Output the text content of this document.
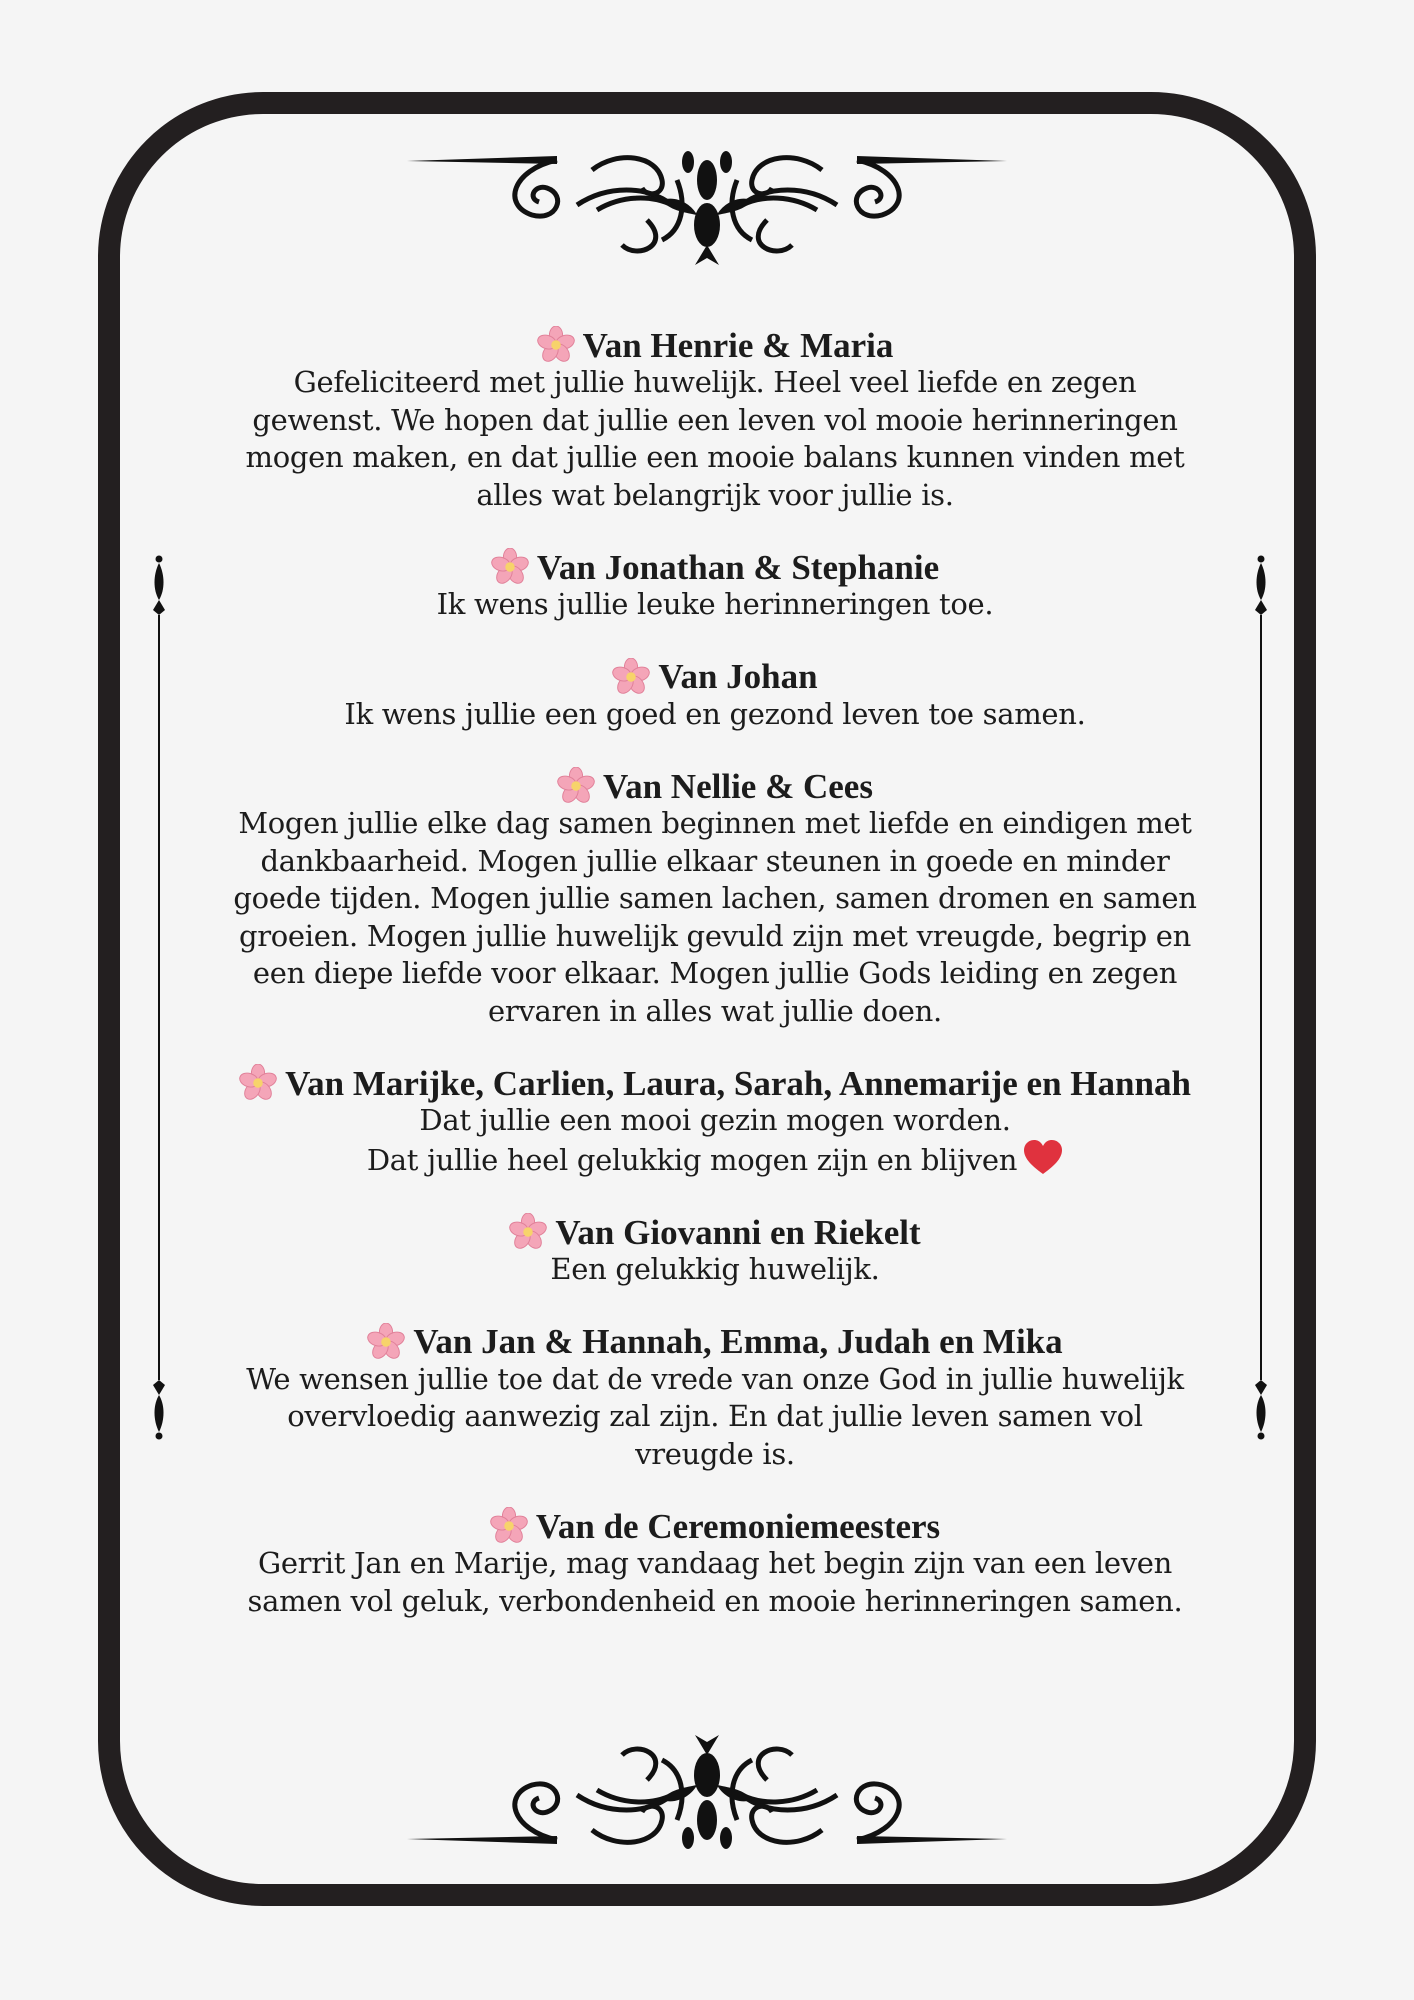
Van Henrie & Maria
Gefeliciteerd met jullie huwelijk. Heel veel liefde en zegen
gewenst. We hopen dat jullie een leven vol mooie herinneringen
mogen maken, en dat jullie een mooie balans kunnen vinden met
alles wat belangrijk voor jullie is.
Van Jonathan & Stephanie
Ik wens jullie leuke herinneringen toe.
Van Johan
Ik wens jullie een goed en gezond leven toe samen.
Van Nellie & Cees
Mogen jullie elke dag samen beginnen met liefde en eindigen met
dankbaarheid. Mogen jullie elkaar steunen in goede en minder
goede tijden. Mogen jullie samen lachen, samen dromen en samen
groeien. Mogen jullie huwelijk gevuld zijn met vreugde, begrip en
een diepe liefde voor elkaar. Mogen jullie Gods leiding en zegen
ervaren in alles wat jullie doen.
Van Marijke, Carlien, Laura, Sarah, Annemarije en Hannah
Dat jullie een mooi gezin mogen worden.
Dat jullie heel gelukkig mogen zijn en blijven
Van Giovanni en Riekelt
Een gelukkig huwelijk.
Van Jan & Hannah, Emma, Judah en Mika
We wensen jullie toe dat de vrede van onze God in jullie huwelijk
overvloedig aanwezig zal zijn. En dat jullie leven samen vol
vreugde is.
Van de Ceremoniemeesters
Gerrit Jan en Marije, mag vandaag het begin zijn van een leven
samen vol geluk, verbondenheid en mooie herinneringen samen.
